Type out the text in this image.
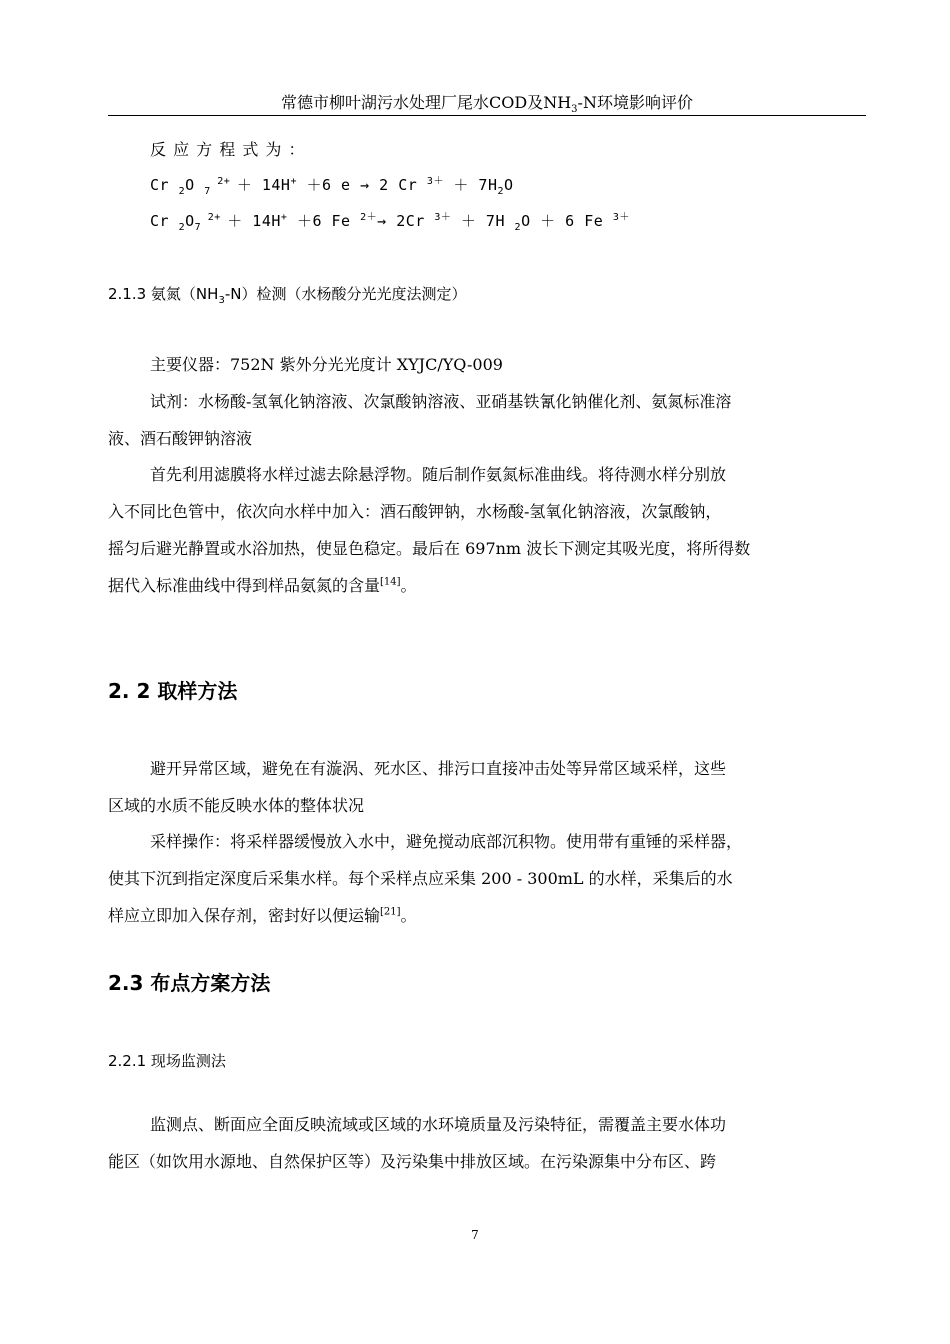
常德市柳叶湖污水处理厂尾水COD及$NH_3-N$环境影响评价
反 应 方 程 式 为 ：
Cr $_2$O $_7$ $^{2+}$ ＋ 14H+ ＋6 e → 2 Cr $^{3+} + 7H_2O$
Cr $_2O_7$ $^{2+}$ ＋ 14H+ ＋6 Fe $^{2+}$→ 2Cr $^{3+}$ ＋ 7H $_2$O ＋ 6 Fe $^{3+}$
2.1.3 氨氮$(NH_3-N)$检测（水杨酸分光光度法测定）
主要仪器：752N 紫外分光光度计 XYJC/YQ-009
试剂：水杨酸-氢氧化钠溶液、次氯酸钠溶液、亚硝基铁氰化钠催化剂、氨氮标准溶
液、酒石酸钾钠溶液
首先利用滤膜将水样过滤去除悬浮物。随后制作氨氮标准曲线。将待测水样分别放
入不同比色管中，依次向水样中加入：酒石酸钾钠，水杨酸-氢氧化钠溶液，次氯酸钠，
摇匀后避光静置或水浴加热，使显色稳定。最后在 697nm 波长下测定其吸光度，将所得数
据代入标准曲线中得到样品氨氮的含量[14]。
2. 2 取样方法
避开异常区域，避免在有漩涡、死水区、排污口直接冲击处等异常区域采样，这些
区域的水质不能反映水体的整体状况
采样操作：将采样器缓慢放入水中，避免搅动底部沉积物。使用带有重锤的采样器，
使其下沉到指定深度后采集水样。每个采样点应采集 200 - 300mL 的水样，采集后的水
样应立即加入保存剂，密封好以便运输[21]。
2.3 布点方案方法
2.2.1 现场监测法
监测点、断面应全面反映流域或区域的水环境质量及污染特征，需覆盖主要水体功
能区（如饮用水源地、自然保护区等）及污染集中排放区域。在污染源集中分布区、跨
7
